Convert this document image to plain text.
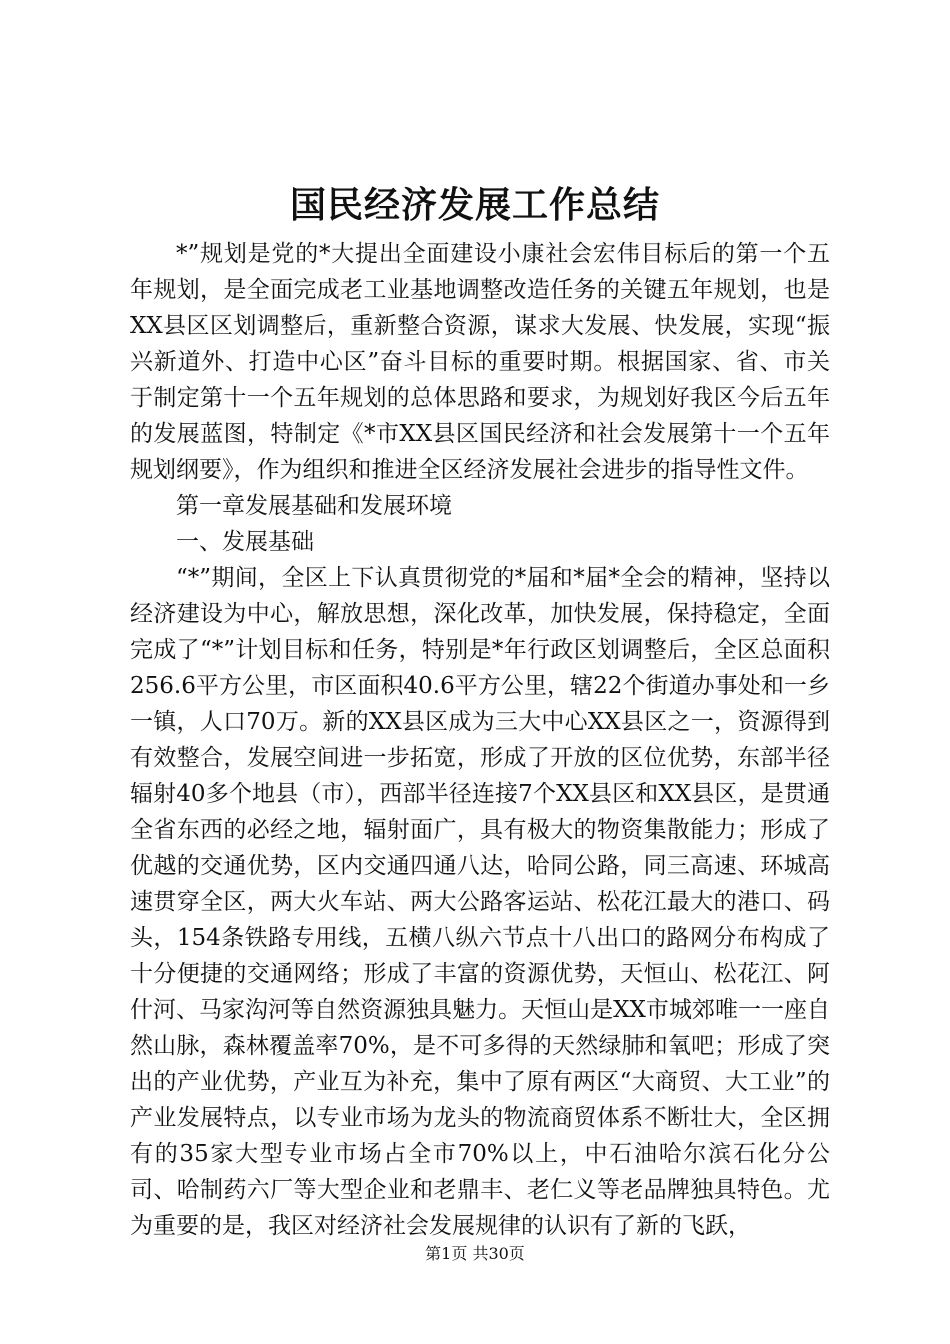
国民经济发展工作总结

*”规划是党的*大提出全面建设小康社会宏伟目标后的第一个五年规划，是全面完成老工业基地调整改造任务的关键五年规划，也是XX县区区划调整后，重新整合资源，谋求大发展、快发展，实现“振兴新道外、打造中心区”奋斗目标的重要时期。根据国家、省、市关于制定第十一个五年规划的总体思路和要求，为规划好我区今后五年的发展蓝图，特制定《*市XX县区国民经济和社会发展第十一个五年规划纲要》，作为组织和推进全区经济发展社会进步的指导性文件。

第一章发展基础和发展环境

一、发展基础

“*”期间，全区上下认真贯彻党的*届和*届*全会的精神，坚持以经济建设为中心，解放思想，深化改革，加快发展，保持稳定，全面完成了“*”计划目标和任务，特别是*年行政区划调整后，全区总面积256.6平方公里，市区面积40.6平方公里，辖22个街道办事处和一乡一镇，人口70万。新的XX县区成为三大中心XX县区之一，资源得到有效整合，发展空间进一步拓宽，形成了开放的区位优势，东部半径辐射40多个地县（市），西部半径连接7个XX县区和XX县区，是贯通全省东西的必经之地，辐射面广，具有极大的物资集散能力；形成了优越的交通优势，区内交通四通八达，哈同公路，同三高速、环城高速贯穿全区，两大火车站、两大公路客运站、松花江最大的港口、码头，154条铁路专用线，五横八纵六节点十八出口的路网分布构成了十分便捷的交通网络；形成了丰富的资源优势，天恒山、松花江、阿什河、马家沟河等自然资源独具魅力。天恒山是XX市城郊唯一一座自然山脉，森林覆盖率70%，是不可多得的天然绿肺和氧吧；形成了突出的产业优势，产业互为补充，集中了原有两区“大商贸、大工业”的产业发展特点，以专业市场为龙头的物流商贸体系不断壮大，全区拥有的35家大型专业市场占全市70%以上，中石油哈尔滨石化分公司、哈制药六厂等大型企业和老鼎丰、老仁义等老品牌独具特色。尤为重要的是，我区对经济社会发展规律的认识有了新的飞跃，

第1页 共30页
